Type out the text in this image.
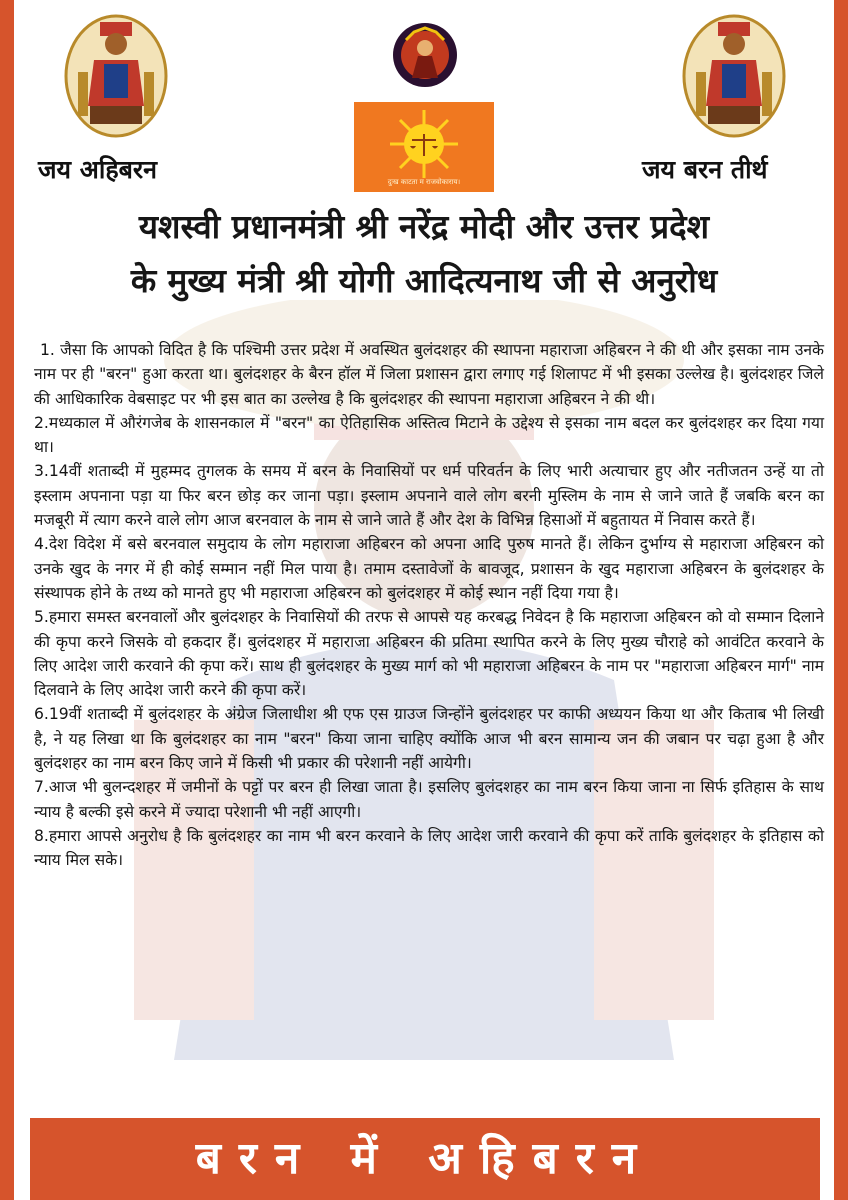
जय अहिबरन	जय बरन तीर्थ
दुःख काटता म राजवोकाराय।
यशस्वी प्रधानमंत्री श्री नरेंद्र मोदी और उत्तर प्रदेश
के मुख्य मंत्री श्री योगी आदित्यनाथ जी से अनुरोध

1. जैसा कि आपको विदित है कि पश्चिमी उत्तर प्रदेश में अवस्थित बुलंदशहर की स्थापना महाराजा अहिबरन ने की थी और इसका नाम उनके नाम पर ही "बरन" हुआ करता था। बुलंदशहर के बैरन हॉल में जिला प्रशासन द्वारा लगाए गई शिलापट में भी इसका उल्लेख है। बुलंदशहर जिले की आधिकारिक वेबसाइट पर भी इस बात का उल्लेख है कि बुलंदशहर की स्थापना महाराजा अहिबरन ने की थी।

2.मध्यकाल में औरंगजेब के शासनकाल में "बरन" का ऐतिहासिक अस्तित्व मिटाने के उद्देश्य से इसका नाम बदल कर बुलंदशहर कर दिया गया था।

3.14वीं शताब्दी में मुहम्मद तुगलक के समय में बरन के निवासियों पर धर्म परिवर्तन के लिए भारी अत्याचार हुए और नतीजतन उन्हें या तो इस्लाम अपनाना पड़ा या फिर बरन छोड़ कर जाना पड़ा। इस्लाम अपनाने वाले लोग बरनी मुस्लिम के नाम से जाने जाते हैं जबकि बरन का मजबूरी में त्याग करने वाले लोग आज बरनवाल के नाम से जाने जाते हैं और देश के विभिन्न हिसाओं में बहुतायत में निवास करते हैं।

4.देश विदेश में बसे बरनवाल समुदाय के लोग महाराजा अहिबरन को अपना आदि पुरुष मानते हैं। लेकिन दुर्भाग्य से महाराजा अहिबरन को उनके खुद के नगर में ही कोई सम्मान नहीं मिल पाया है। तमाम दस्तावेजों के बावजूद, प्रशासन के खुद महाराजा अहिबरन के बुलंदशहर के संस्थापक होने के तथ्य को मानते हुए भी महाराजा अहिबरन को बुलंदशहर में कोई स्थान नहीं दिया गया है।

5.हमारा समस्त बरनवालों और बुलंदशहर के निवासियों की तरफ से आपसे यह करबद्ध निवेदन है कि महाराजा अहिबरन को वो सम्मान दिलाने की कृपा करने जिसके वो हकदार हैं। बुलंदशहर में महाराजा अहिबरन की प्रतिमा स्थापित करने के लिए मुख्य चौराहे को आवंटित करवाने के लिए आदेश जारी करवाने की कृपा करें। साथ ही बुलंदशहर के मुख्य मार्ग को भी महाराजा अहिबरन के नाम पर "महाराजा अहिबरन मार्ग" नाम दिलवाने के लिए आदेश जारी करने की कृपा करें।

6.19वीं शताब्दी में बुलंदशहर के अंग्रेज जिलाधीश श्री एफ एस ग्राउज जिन्होंने बुलंदशहर पर काफी अध्ययन किया था और किताब भी लिखी है, ने यह लिखा था कि बुलंदशहर का नाम "बरन" किया जाना चाहिए क्योंकि आज भी बरन सामान्य जन की जबान पर चढ़ा हुआ है और बुलंदशहर का नाम बरन किए जाने में किसी भी प्रकार की परेशानी नहीं आयेगी।

7.आज भी बुलन्दशहर में जमीनों के पट्टों पर बरन ही लिखा जाता है। इसलिए बुलंदशहर का नाम बरन किया जाना ना सिर्फ इतिहास के साथ न्याय है बल्की इसे करने में ज्यादा परेशानी भी नहीं आएगी।

8.हमारा आपसे अनुरोध है कि बुलंदशहर का नाम भी बरन करवाने के लिए आदेश जारी करवाने की कृपा करें ताकि बुलंदशहर के इतिहास को न्याय मिल सके।

बरन में अहिबरन
